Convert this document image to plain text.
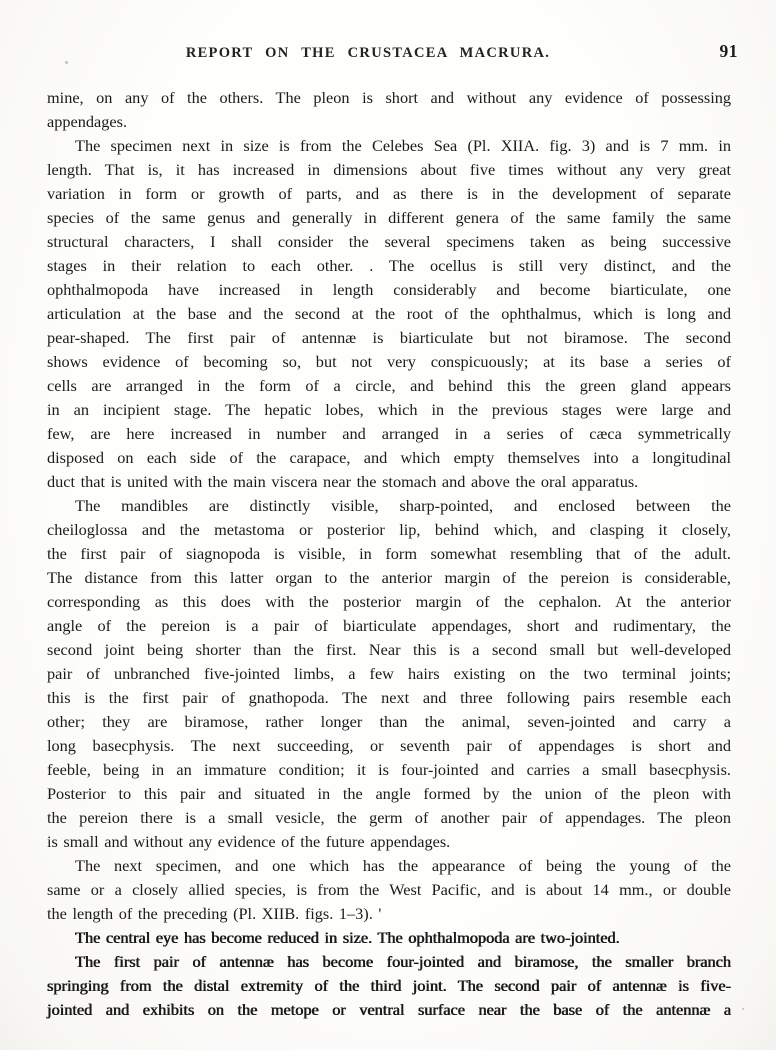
REPORT ON THE CRUSTACEA MACRURA.	91
mine, on any of the others. The pleon is short and without any evidence of possessing
appendages.
The specimen next in size is from the Celebes Sea (Pl. XIIA. fig. 3) and is 7 mm. in
length. That is, it has increased in dimensions about five times without any very great
variation in form or growth of parts, and as there is in the development of separate
species of the same genus and generally in different genera of the same family the same
structural characters, I shall consider the several specimens taken as being successive
stages in their relation to each other. . The ocellus is still very distinct, and the
ophthalmopoda have increased in length considerably and become biarticulate, one
articulation at the base and the second at the root of the ophthalmus, which is long and
pear-shaped. The first pair of antennæ is biarticulate but not biramose. The second
shows evidence of becoming so, but not very conspicuously; at its base a series of
cells are arranged in the form of a circle, and behind this the green gland appears
in an incipient stage. The hepatic lobes, which in the previous stages were large and
few, are here increased in number and arranged in a series of cæca symmetrically
disposed on each side of the carapace, and which empty themselves into a longitudinal
duct that is united with the main viscera near the stomach and above the oral apparatus.
The mandibles are distinctly visible, sharp-pointed, and enclosed between the
cheiloglossa and the metastoma or posterior lip, behind which, and clasping it closely,
the first pair of siagnopoda is visible, in form somewhat resembling that of the adult.
The distance from this latter organ to the anterior margin of the pereion is considerable,
corresponding as this does with the posterior margin of the cephalon. At the anterior
angle of the pereion is a pair of biarticulate appendages, short and rudimentary, the
second joint being shorter than the first. Near this is a second small but well-developed
pair of unbranched five-jointed limbs, a few hairs existing on the two terminal joints;
this is the first pair of gnathopoda. The next and three following pairs resemble each
other; they are biramose, rather longer than the animal, seven-jointed and carry a
long basecphysis. The next succeeding, or seventh pair of appendages is short and
feeble, being in an immature condition; it is four-jointed and carries a small basecphysis.
Posterior to this pair and situated in the angle formed by the union of the pleon with
the pereion there is a small vesicle, the germ of another pair of appendages. The pleon
is small and without any evidence of the future appendages.
The next specimen, and one which has the appearance of being the young of the
same or a closely allied species, is from the West Pacific, and is about 14 mm., or double
the length of the preceding (Pl. XIIB. figs. 1–3). '
The central eye has become reduced in size. The ophthalmopoda are two-jointed.
The first pair of antennæ has become four-jointed and biramose, the smaller branch
springing from the distal extremity of the third joint. The second pair of antennæ is five-
jointed and exhibits on the metope or ventral surface near the base of the antennæ a
